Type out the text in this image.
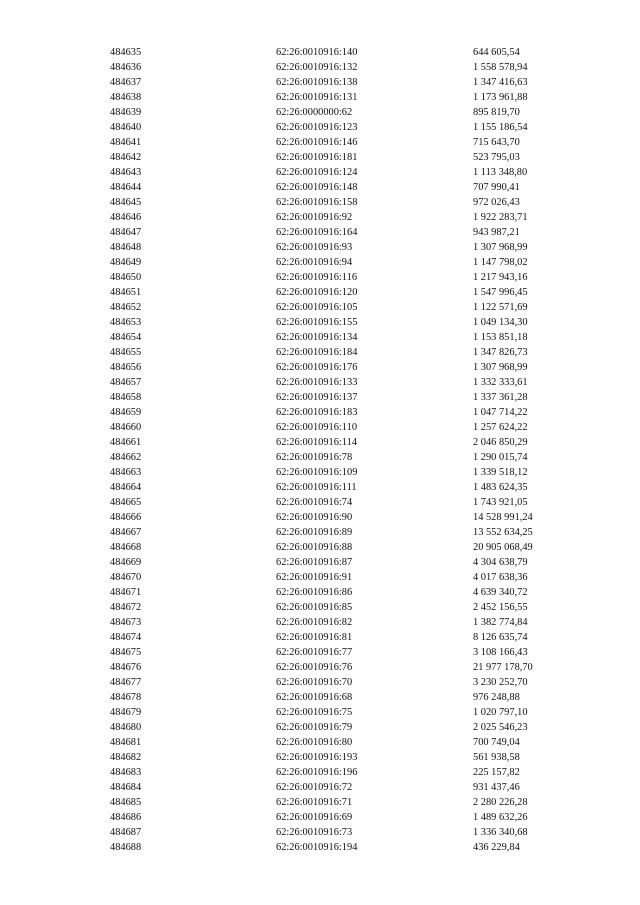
484635	62:26:0010916:140	644 605,54
484636	62:26:0010916:132	1 558 578,94
484637	62:26:0010916:138	1 347 416,63
484638	62:26:0010916:131	1 173 961,88
484639	62:26:0000000:62	895 819,70
484640	62:26:0010916:123	1 155 186,54
484641	62:26:0010916:146	715 643,70
484642	62:26:0010916:181	523 795,03
484643	62:26:0010916:124	1 113 348,80
484644	62:26:0010916:148	707 990,41
484645	62:26:0010916:158	972 026,43
484646	62:26:0010916:92	1 922 283,71
484647	62:26:0010916:164	943 987,21
484648	62:26:0010916:93	1 307 968,99
484649	62:26:0010916:94	1 147 798,02
484650	62:26:0010916:116	1 217 943,16
484651	62:26:0010916:120	1 547 996,45
484652	62:26:0010916:105	1 122 571,69
484653	62:26:0010916:155	1 049 134,30
484654	62:26:0010916:134	1 153 851,18
484655	62:26:0010916:184	1 347 826,73
484656	62:26:0010916:176	1 307 968,99
484657	62:26:0010916:133	1 332 333,61
484658	62:26:0010916:137	1 337 361,28
484659	62:26:0010916:183	1 047 714,22
484660	62:26:0010916:110	1 257 624,22
484661	62:26:0010916:114	2 046 850,29
484662	62:26:0010916:78	1 290 015,74
484663	62:26:0010916:109	1 339 518,12
484664	62:26:0010916:111	1 483 624,35
484665	62:26:0010916:74	1 743 921,05
484666	62:26:0010916:90	14 528 991,24
484667	62:26:0010916:89	13 552 634,25
484668	62:26:0010916:88	20 905 068,49
484669	62:26:0010916:87	4 304 638,79
484670	62:26:0010916:91	4 017 638,36
484671	62:26:0010916:86	4 639 340,72
484672	62:26:0010916:85	2 452 156,55
484673	62:26:0010916:82	1 382 774,84
484674	62:26:0010916:81	8 126 635,74
484675	62:26:0010916:77	3 108 166,43
484676	62:26:0010916:76	21 977 178,70
484677	62:26:0010916:70	3 230 252,70
484678	62:26:0010916:68	976 248,88
484679	62:26:0010916:75	1 020 797,10
484680	62:26:0010916:79	2 025 546,23
484681	62:26:0010916:80	700 749,04
484682	62:26:0010916:193	561 938,58
484683	62:26:0010916:196	225 157,82
484684	62:26:0010916:72	931 437,46
484685	62:26:0010916:71	2 280 226,28
484686	62:26:0010916:69	1 489 632,26
484687	62:26:0010916:73	1 336 340,68
484688	62:26:0010916:194	436 229,84
